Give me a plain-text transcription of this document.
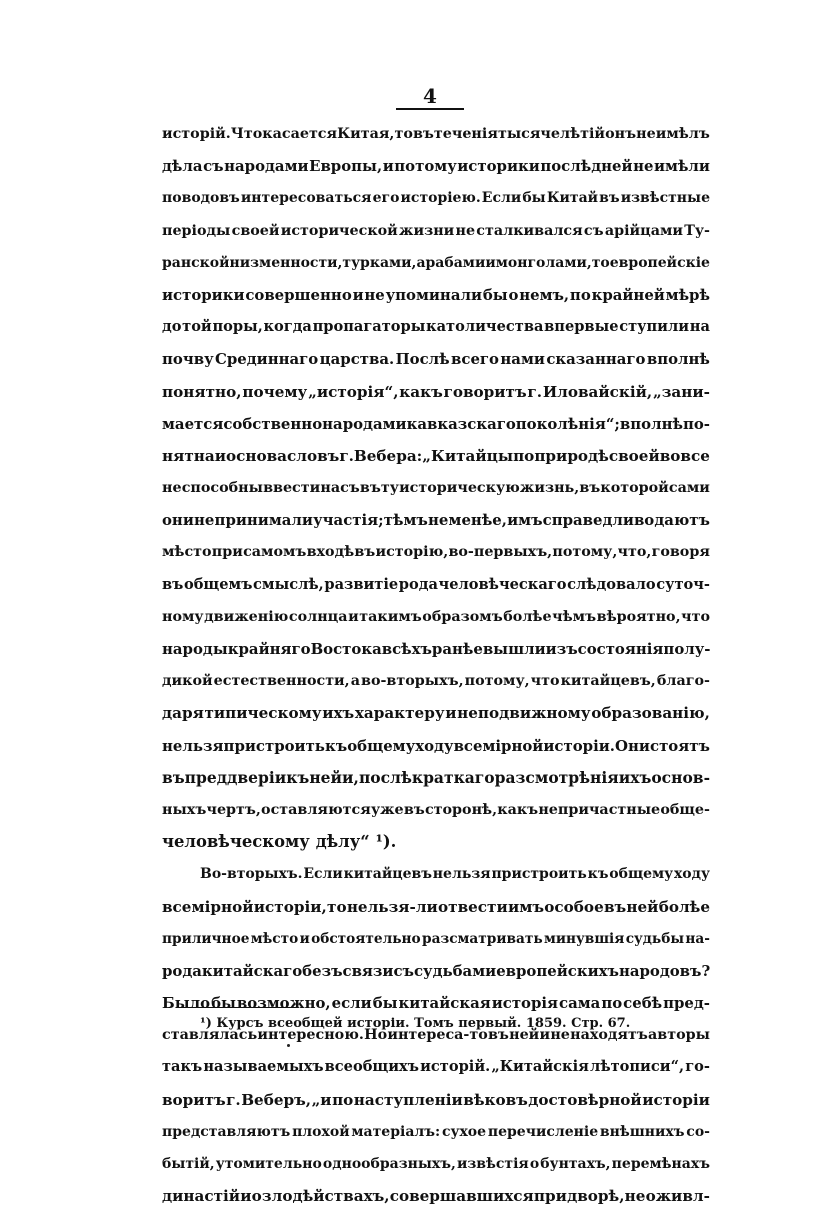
4
исторій. Что касается Китая, то въ теченія тысячелѣтій онъ не имѣлъ
дѣла съ народами Европы, и потому историки послѣдней не имѣли
поводовъ интересоваться его исторіею. Если бы Китай въ извѣстные
періоды своей исторической жизни не сталкивался съ арійцами Ту-
ранской низменности, турками, арабами и монголами, то европейскіе
историки совершенно и не упоминали бы о немъ, по крайней мѣрѣ
до той поры, когда пропагаторы католичества впервые ступили на
почву Срединнаго царства. Послѣ всего нами сказаннаго вполнѣ
понятно, почему „исторія“, какъ говоритъ г. Иловайскій, „зани-
мается собственно народами кавказскаго поколѣнія“; вполнѣ по-
нятна и основа словъ г. Вебера: „Китайцы по природѣ своей вовсе
не способны ввести насъ въ ту историческую жизнь, въ которой сами
они не принимали участія; тѣмъ не менѣе, имъ справедливо даютъ
мѣсто при самомъ входѣ въ исторію, во-первыхъ, потому, что, говоря
въ общемъ смыслѣ, развитіе рода человѣческаго слѣдовало суточ-
ному движенію солнца и такимъ образомъ болѣе чѣмъ вѣроятно, что
народы крайняго Востока всѣхъ ранѣе вышли изъ состоянія полу-
дикой естественности, а во-вторыхъ, потому, что китайцевъ, благо-
даря типическому ихъ характеру и неподвижному образованію,
нельзя пристроить къ общему ходу всемірной исторіи. Они стоятъ
въ преддверіи къ ней и, послѣ краткаго разсмотрѣнія ихъ основ-
ныхъ чертъ, оставляются уже въ сторонѣ, какъ непричастные обще-
человѣческому дѣлу“ ¹).
Во-вторыхъ. Если китайцевъ нельзя пристроить къ общему ходу
всемірной исторіи, то нельзя-ли отвести имъ особое въ ней болѣе
приличное мѣсто и обстоятельно разсматривать минувшія судьбы на-
рода китайскаго безъ связи съ судьбами европейскихъ народовъ?
Было бы возможно, если бы китайская исторія сама по себѣ пред-
ставлялась интересною. Но интереса-то въ ней и не находятъ авторы
такъ называемыхъ всеобщихъ исторій. „Китайскія лѣтописи“, го-
воритъ г. Веберъ, „и по наступленіи вѣковъ достовѣрной исторіи
представляютъ плохой матеріалъ: сухое перечисленіе внѣшнихъ со-
бытій, утомительно однообразныхъ, извѣстія о бунтахъ, перемѣнахъ
династій и о злодѣйствахъ, совершавшихся при дворѣ, не оживл-
¹) Курсъ всеобщей исторіи. Томъ первый. 1859. Стр. 67.
